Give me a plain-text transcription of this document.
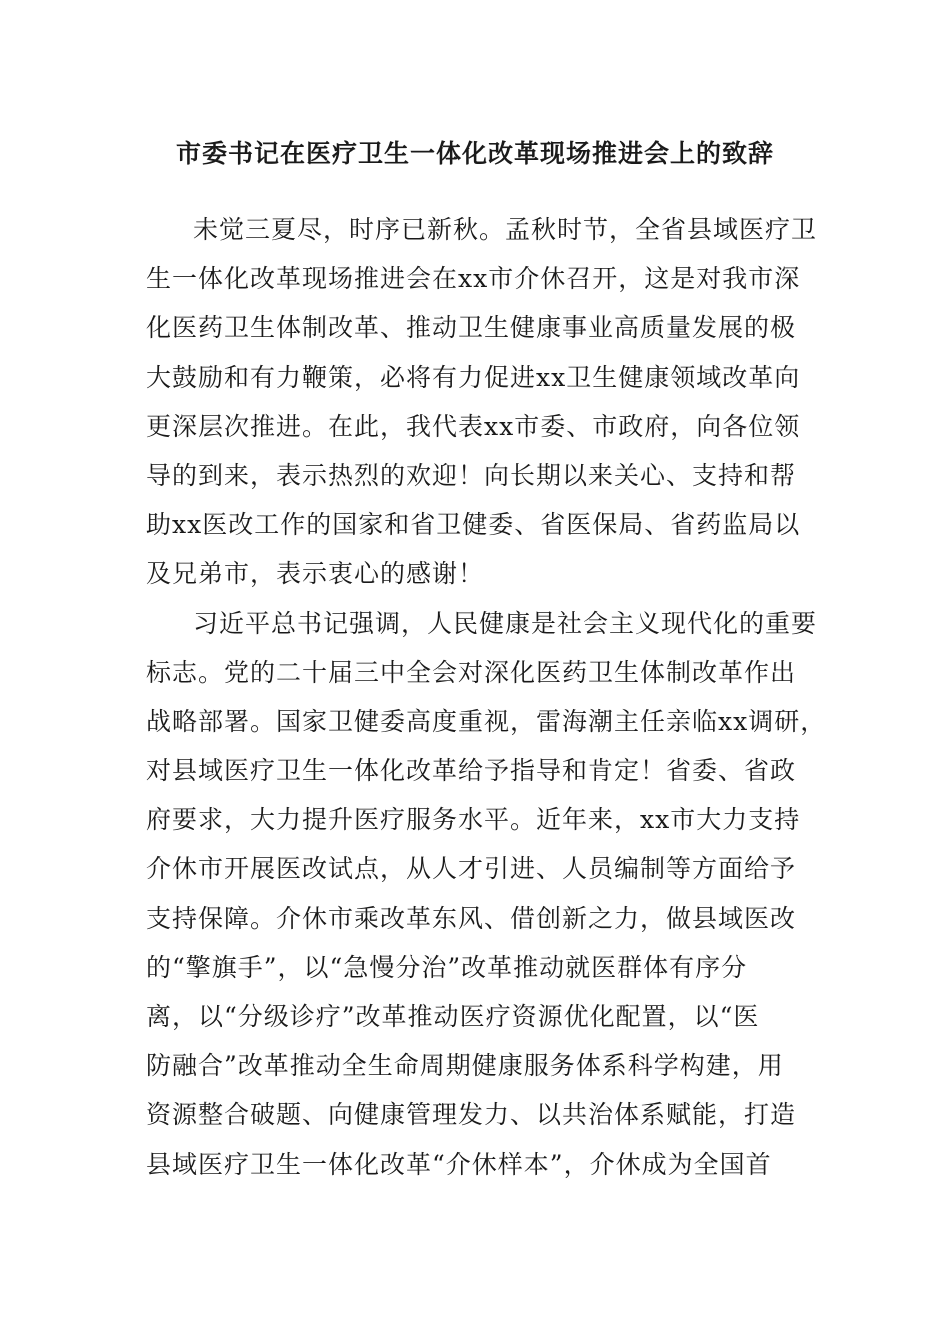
市委书记在医疗卫生一体化改革现场推进会上的致辞
未觉三夏尽，时序已新秋。孟秋时节，全省县域医疗卫
生一体化改革现场推进会在xx市介休召开，这是对我市深
化医药卫生体制改革、推动卫生健康事业高质量发展的极
大鼓励和有力鞭策，必将有力促进xx卫生健康领域改革向
更深层次推进。在此，我代表xx市委、市政府，向各位领
导的到来，表示热烈的欢迎！向长期以来关心、支持和帮
助xx医改工作的国家和省卫健委、省医保局、省药监局以
及兄弟市，表示衷心的感谢！
习近平总书记强调，人民健康是社会主义现代化的重要
标志。党的二十届三中全会对深化医药卫生体制改革作出
战略部署。国家卫健委高度重视，雷海潮主任亲临xx调研，
对县域医疗卫生一体化改革给予指导和肯定！省委、省政
府要求，大力提升医疗服务水平。近年来，xx市大力支持
介休市开展医改试点，从人才引进、人员编制等方面给予
支持保障。介休市乘改革东风、借创新之力，做县域医改
的“擎旗手”，以“急慢分治”改革推动就医群体有序分
离，以“分级诊疗”改革推动医疗资源优化配置，以“医
防融合”改革推动全生命周期健康服务体系科学构建，用
资源整合破题、向健康管理发力、以共治体系赋能，打造
县域医疗卫生一体化改革“介休样本”，介休成为全国首
